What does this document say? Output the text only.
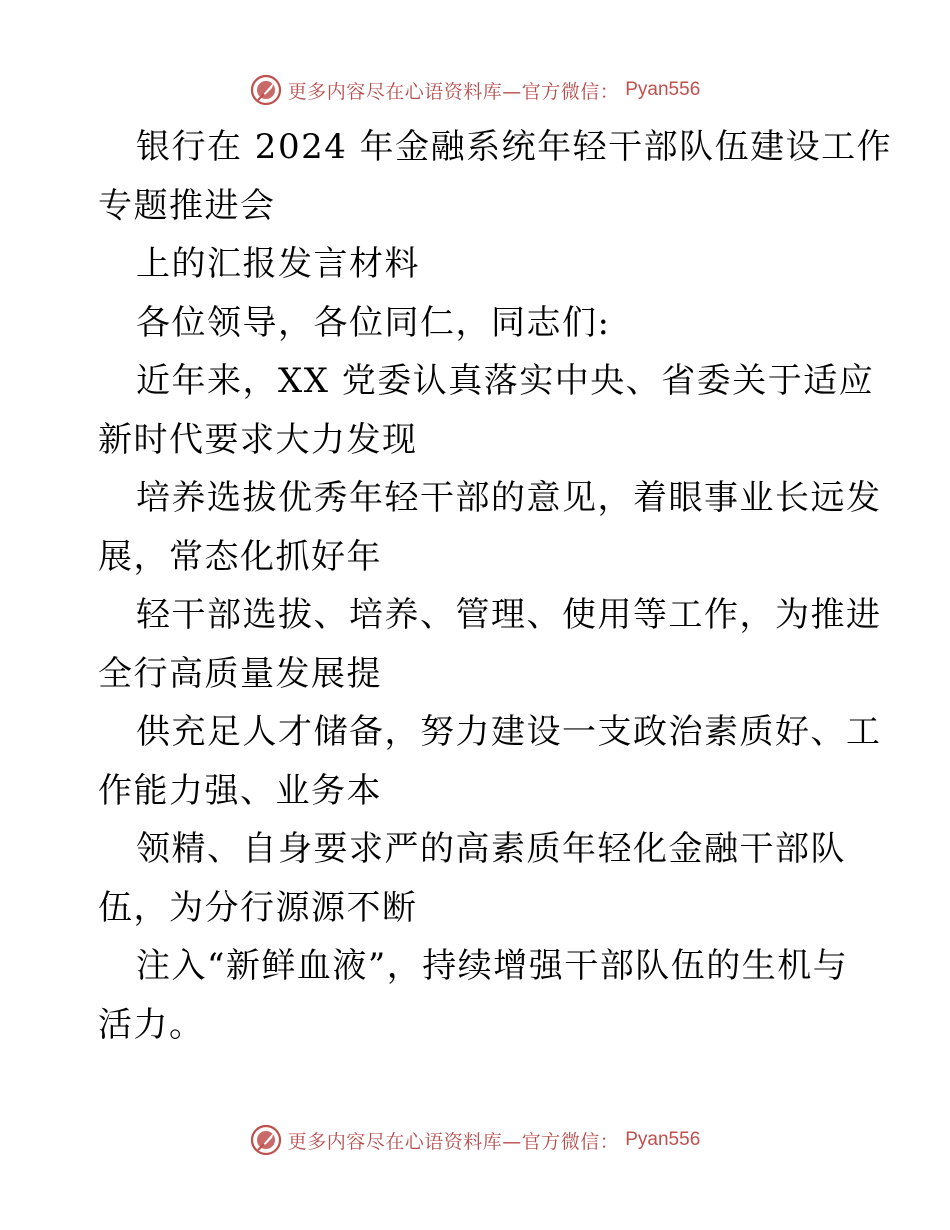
更多内容尽在心语资料库—官方微信： Pyan556
银行在 2024 年金融系统年轻干部队伍建设工作
专题推进会
上的汇报发言材料
各位领导，各位同仁，同志们:
近年来，XX 党委认真落实中央、省委关于适应
新时代要求大力发现
培养选拔优秀年轻干部的意见，着眼事业长远发
展，常态化抓好年
轻干部选拔、培养、管理、使用等工作，为推进
全行高质量发展提
供充足人才储备，努力建设一支政治素质好、工
作能力强、业务本
领精、自身要求严的高素质年轻化金融干部队
伍，为分行源源不断
注入“新鲜血液”，持续增强干部队伍的生机与
活力。
更多内容尽在心语资料库—官方微信： Pyan556
